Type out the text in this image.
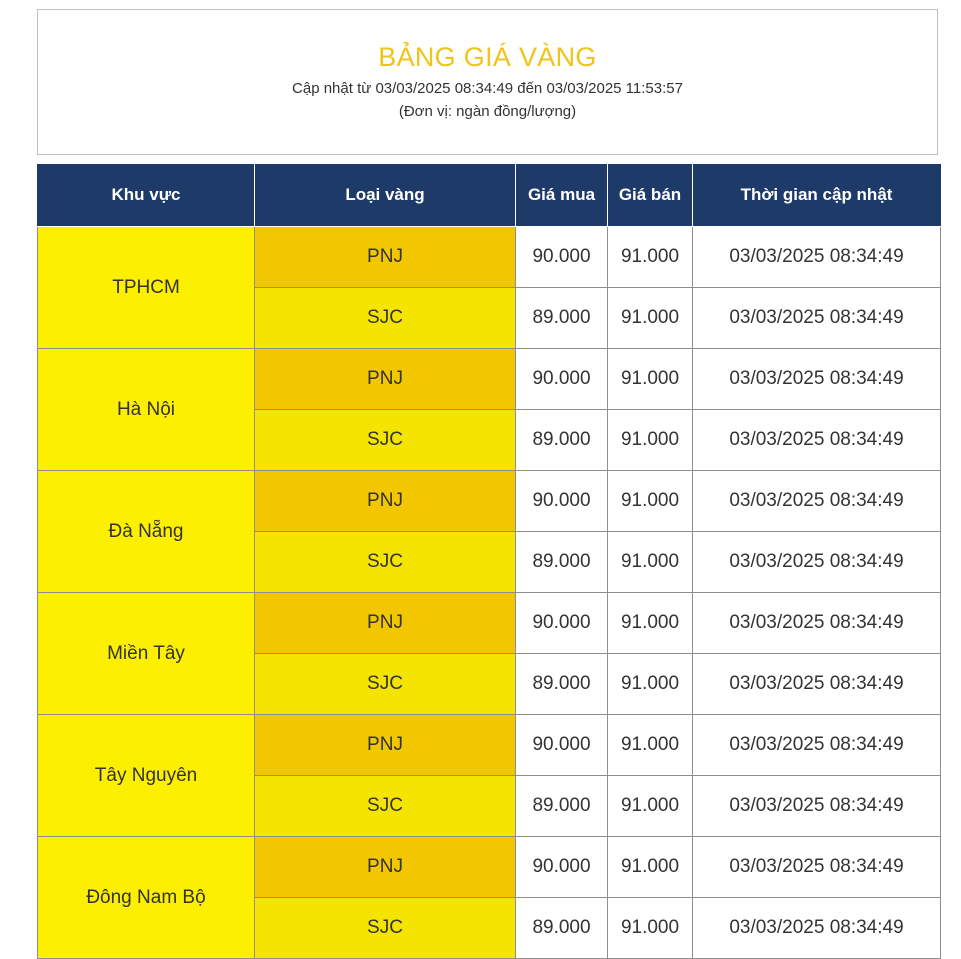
BẢNG GIÁ VÀNG
Cập nhật từ 03/03/2025 08:34:49 đến 03/03/2025 11:53:57
(Đơn vị: ngàn đồng/lượng)
Khu vực	Loại vàng	Giá mua	Giá bán	Thời gian cập nhật
TPHCM	PNJ	90.000	91.000	03/03/2025 08:34:49
	SJC	89.000	91.000	03/03/2025 08:34:49
Hà Nội	PNJ	90.000	91.000	03/03/2025 08:34:49
	SJC	89.000	91.000	03/03/2025 08:34:49
Đà Nẵng	PNJ	90.000	91.000	03/03/2025 08:34:49
	SJC	89.000	91.000	03/03/2025 08:34:49
Miền Tây	PNJ	90.000	91.000	03/03/2025 08:34:49
	SJC	89.000	91.000	03/03/2025 08:34:49
Tây Nguyên	PNJ	90.000	91.000	03/03/2025 08:34:49
	SJC	89.000	91.000	03/03/2025 08:34:49
Đông Nam Bộ	PNJ	90.000	91.000	03/03/2025 08:34:49
	SJC	89.000	91.000	03/03/2025 08:34:49
